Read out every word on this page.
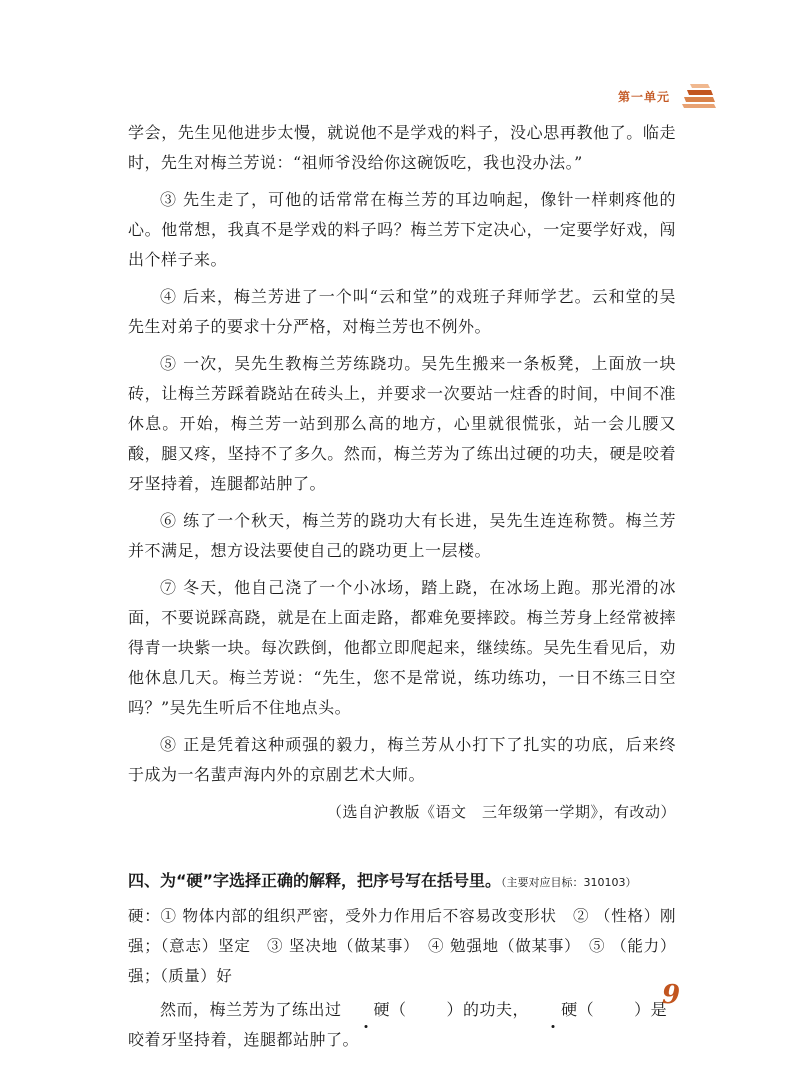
第一单元

学会，先生见他进步太慢，就说他不是学戏的料子，没心思再教他了。临走时，先生对梅兰芳说：“祖师爷没给你这碗饭吃，我也没办法。”

③ 先生走了，可他的话常常在梅兰芳的耳边响起，像针一样刺疼他的心。他常想，我真不是学戏的料子吗？梅兰芳下定决心，一定要学好戏，闯出个样子来。

④ 后来，梅兰芳进了一个叫“云和堂”的戏班子拜师学艺。云和堂的吴先生对弟子的要求十分严格，对梅兰芳也不例外。

⑤ 一次，吴先生教梅兰芳练跷功。吴先生搬来一条板凳，上面放一块砖，让梅兰芳踩着跷站在砖头上，并要求一次要站一炷香的时间，中间不准休息。开始，梅兰芳一站到那么高的地方，心里就很慌张，站一会儿腰又酸，腿又疼，坚持不了多久。然而，梅兰芳为了练出过硬的功夫，硬是咬着牙坚持着，连腿都站肿了。

⑥ 练了一个秋天，梅兰芳的跷功大有长进，吴先生连连称赞。梅兰芳并不满足，想方设法要使自己的跷功更上一层楼。

⑦ 冬天，他自己浇了一个小冰场，踏上跷，在冰场上跑。那光滑的冰面，不要说踩高跷，就是在上面走路，都难免要摔跤。梅兰芳身上经常被摔得青一块紫一块。每次跌倒，他都立即爬起来，继续练。吴先生看见后，劝他休息几天。梅兰芳说：“先生，您不是常说，练功练功，一日不练三日空吗？”吴先生听后不住地点头。

⑧ 正是凭着这种顽强的毅力，梅兰芳从小打下了扎实的功底，后来终于成为一名蜚声海内外的京剧艺术大师。

（选自沪教版《语文　三年级第一学期》，有改动）
四、为“硬”字选择正确的解释，把序号写在括号里。（主要对应目标：310103）
硬：① 物体内部的组织严密，受外力作用后不容易改变形状　② （性格）刚强；（意志）坚定　③ 坚决地（做某事）　④ 勉强地（做某事）　⑤ （能力）强；（质量）好
然而，梅兰芳为了练出过 硬（	）的功夫， 硬（	）是咬着牙坚持着，连腿都站肿了。
9
